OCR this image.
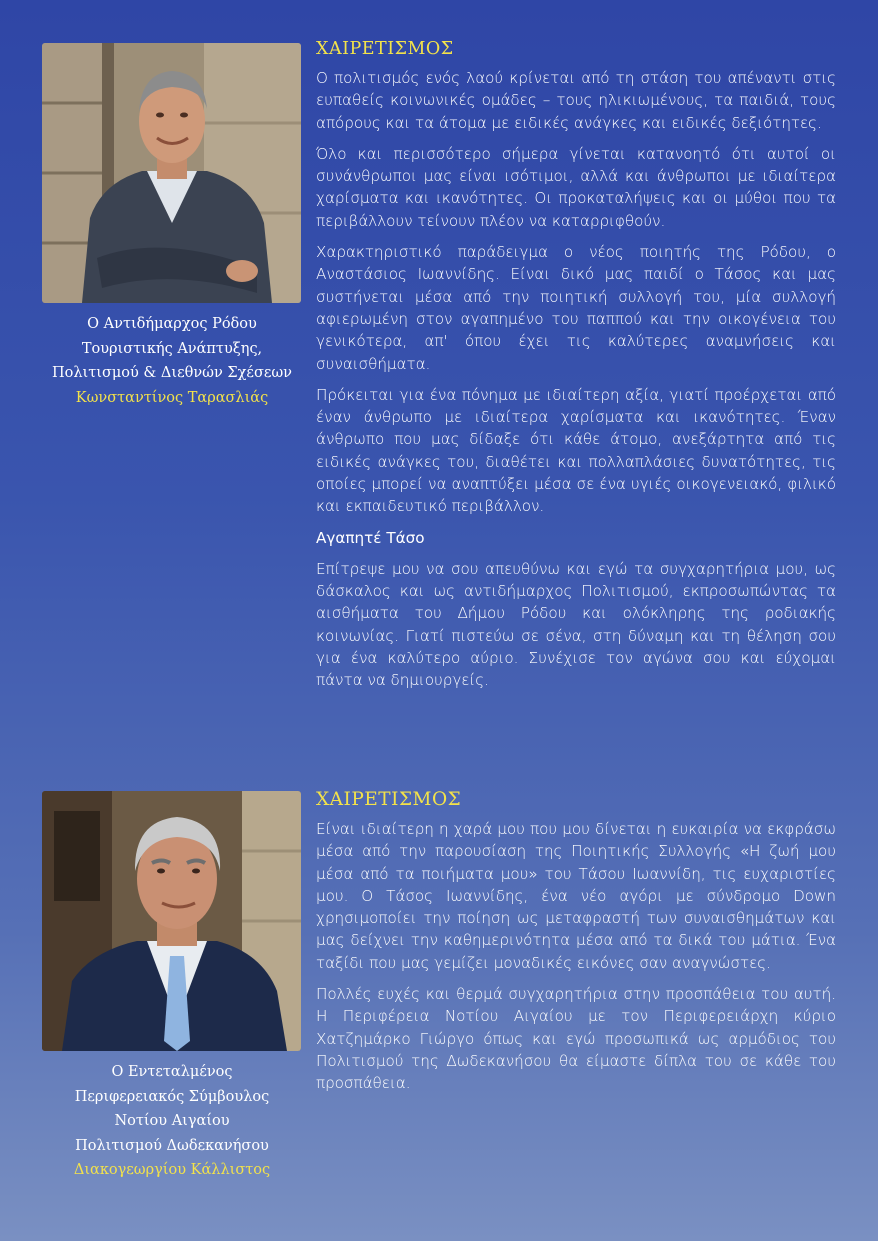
Ο Αντιδήμαρχος Ρόδου
Τουριστικής Ανάπτυξης,
Πολιτισμού & Διεθνών Σχέσεων
Κωνσταντίνος Ταρασλιάς
ΧΑΙΡΕΤΙΣΜΟΣ

Ο πολιτισμός ενός λαού κρίνεται από τη στάση του απέναντι στις ευπαθείς κοινωνικές ομάδες – τους ηλικιωμένους, τα παιδιά, τους απόρους και τα άτομα με ειδικές ανάγκες και ειδικές δεξιότητες.

Όλο και περισσότερο σήμερα γίνεται κατανοητό ότι αυτοί οι συνάνθρωποι μας είναι ισότιμοι, αλλά και άνθρωποι με ιδιαίτερα χαρίσματα και ικανότητες. Οι προκαταλήψεις και οι μύθοι που τα περιβάλλουν τείνουν πλέον να καταρριφθούν.

Χαρακτηριστικό παράδειγμα ο νέος ποιητής της Ρόδου, ο Αναστάσιος Ιωαννίδης. Είναι δικό μας παιδί ο Τάσος και μας συστήνεται μέσα από την ποιητική συλλογή του, μία συλλογή αφιερωμένη στον αγαπημένο του παππού και την οικογένεια του γενικότερα, απ' όπου έχει τις καλύτερες αναμνήσεις και συναισθήματα.

Πρόκειται για ένα πόνημα με ιδιαίτερη αξία, γιατί προέρχεται από έναν άνθρωπο με ιδιαίτερα χαρίσματα και ικανότητες. Έναν άνθρωπο που μας δίδαξε ότι κάθε άτομο, ανεξάρτητα από τις ειδικές ανάγκες του, διαθέτει και πολλαπλάσιες δυνατότητες, τις οποίες μπορεί να αναπτύξει μέσα σε ένα υγιές οικογενειακό, φιλικό και εκπαιδευτικό περιβάλλον.

Αγαπητέ Τάσο

Επίτρεψε μου να σου απευθύνω και εγώ τα συγχαρητήρια μου, ως δάσκαλος και ως αντιδήμαρχος Πολιτισμού, εκπροσωπώντας τα αισθήματα του Δήμου Ρόδου και ολόκληρης της ροδιακής κοινωνίας. Γιατί πιστεύω σε σένα, στη δύναμη και τη θέληση σου για ένα καλύτερο αύριο. Συνέχισε τον αγώνα σου και εύχομαι πάντα να δημιουργείς.

Ο Εντεταλμένος
Περιφερειακός Σύμβουλος
Νοτίου Αιγαίου
Πολιτισμού Δωδεκανήσου
Διακογεωργίου Κάλλιστος
ΧΑΙΡΕΤΙΣΜΟΣ

Είναι ιδιαίτερη η χαρά μου που μου δίνεται η ευκαιρία να εκφράσω μέσα από την παρουσίαση της Ποιητικής Συλλογής «Η ζωή μου μέσα από τα ποιήματα μου» του Τάσου Ιωαννίδη, τις ευχαριστίες μου. Ο Τάσος Ιωαννίδης, ένα νέο αγόρι με σύνδρομο Down χρησιμοποίει την ποίηση ως μεταφραστή των συναισθημάτων και μας δείχνει την καθημερινότητα μέσα από τα δικά του μάτια. Ένα ταξίδι που μας γεμίζει μοναδικές εικόνες σαν αναγνώστες.

Πολλές ευχές και θερμά συγχαρητήρια στην προσπάθεια του αυτή. Η Περιφέρεια Νοτίου Αιγαίου με τον Περιφερειάρχη κύριο Χατζημάρκο Γιώργο όπως και εγώ προσωπικά ως αρμόδιος του Πολιτισμού της Δωδεκανήσου θα είμαστε δίπλα του σε κάθε του προσπάθεια.
